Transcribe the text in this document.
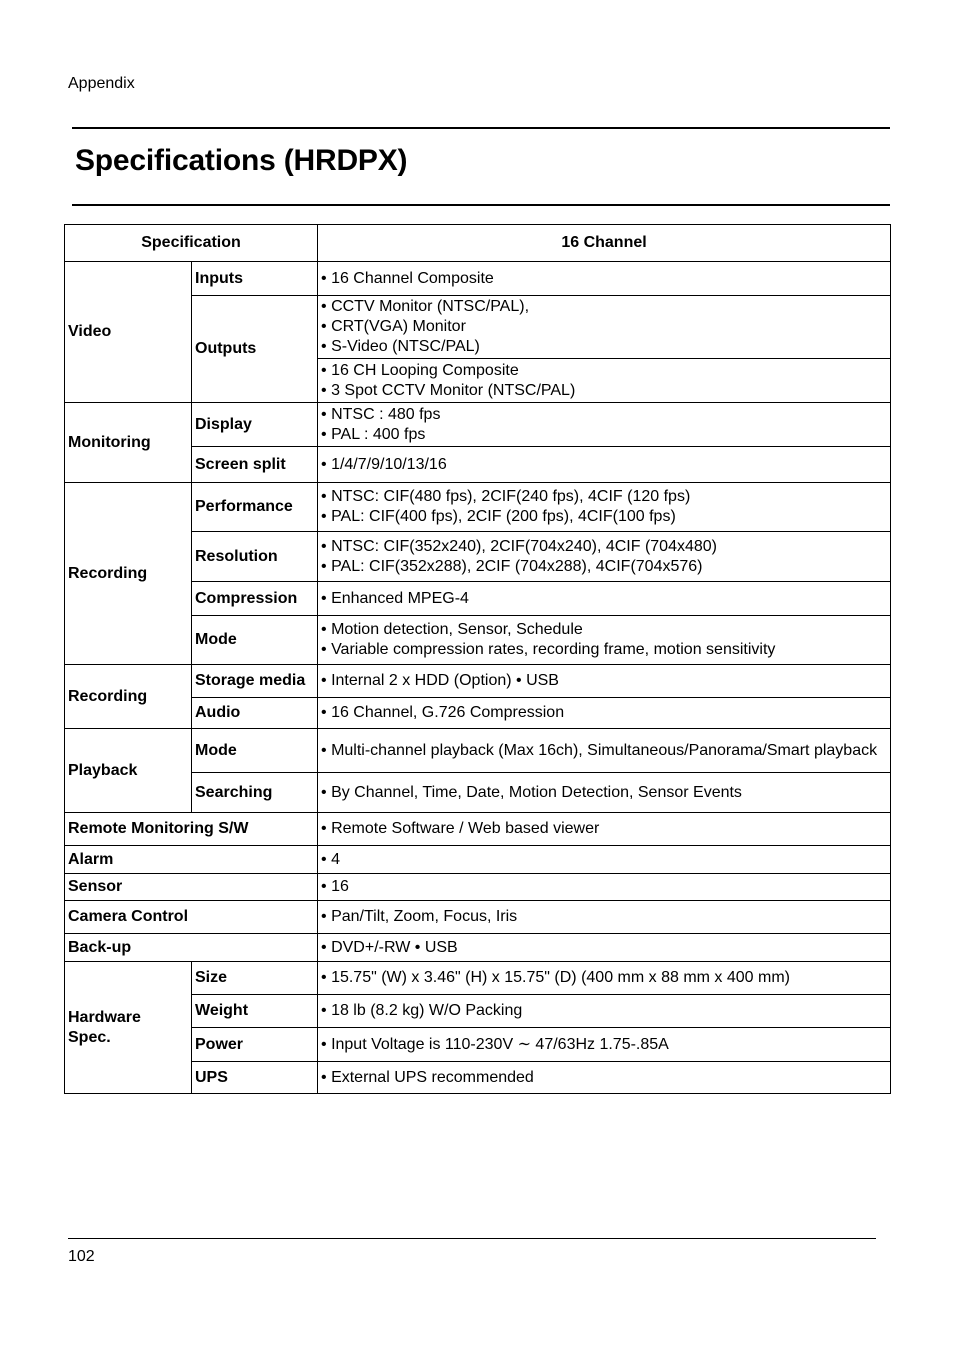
Appendix
Specifications (HRDPX)
Specification		16 Channel
Video	Inputs	• 16 Channel Composite

	Outputs	• CCTV Monitor (NTSC/PAL),
• CRT(VGA) Monitor
• S-Video (NTSC/PAL)

		• 16 CH Looping Composite
• 3 Spot CCTV Monitor (NTSC/PAL)

Monitoring	Display	• NTSC : 480 fps
• PAL : 400 fps

	Screen split	• 1/4/7/9/10/13/16

Recording	Performance	• NTSC: CIF(480 fps), 2CIF(240 fps), 4CIF (120 fps)
• PAL: CIF(400 fps), 2CIF (200 fps), 4CIF(100 fps)

	Resolution	• NTSC: CIF(352x240), 2CIF(704x240), 4CIF (704x480)
• PAL: CIF(352x288), 2CIF (704x288), 4CIF(704x576)

	Compression	• Enhanced MPEG-4

	Mode	• Motion detection, Sensor, Schedule
• Variable compression rates, recording frame, motion sensitivity

Recording	Storage media	• Internal 2 x HDD (Option) • USB

	Audio	• 16 Channel, G.726 Compression

Playback	Mode	• Multi-channel playback (Max 16ch), Simultaneous/Panorama/Smart playback

	Searching	• By Channel, Time, Date, Motion Detection, Sensor Events

Remote Monitoring S/W		• Remote Software / Web based viewer
Alarm		• 4
Sensor		• 16
Camera Control		• Pan/Tilt, Zoom, Focus, Iris
Back-up		• DVD+/-RW • USB

Hardware
Spec.	Size	• 15.75" (W) x 3.46" (H) x 15.75" (D) (400 mm x 88 mm x 400 mm)
	Weight	• 18 lb (8.2 kg) W/O Packing
	Power	• Input Voltage is 110-230V ∼ 47/63Hz 1.75-.85A
	UPS	• External UPS recommended
102
